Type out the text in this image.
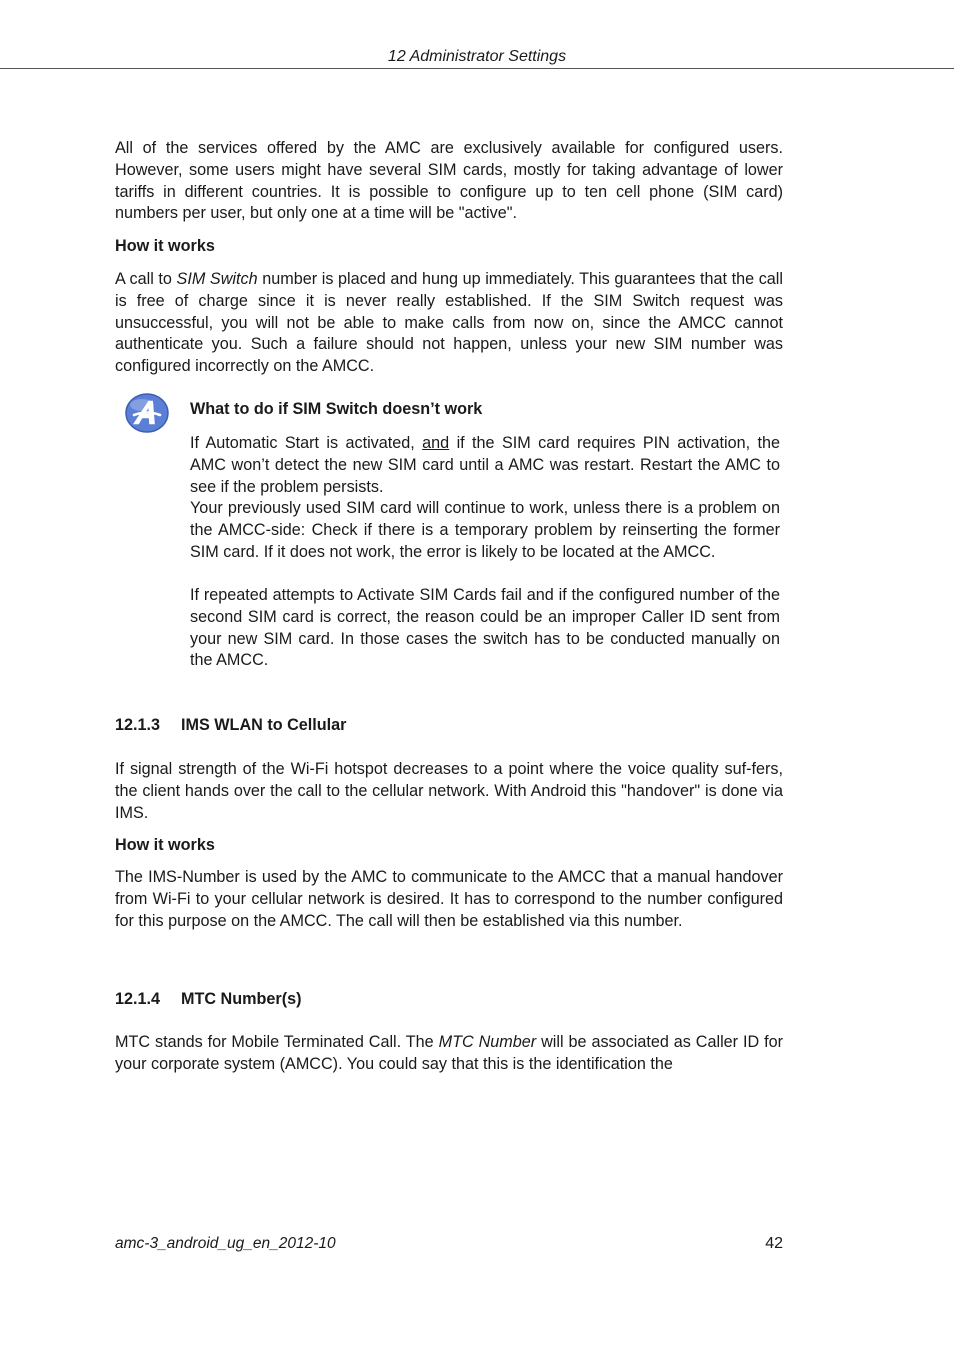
12 Administrator Settings

All of the services offered by the AMC are exclusively available for configured users. However, some users might have several SIM cards, mostly for taking advantage of lower tariffs in different countries. It is possible to configure up to ten cell phone (SIM card) numbers per user, but only one at a time will be "active".

How it works

A call to SIM Switch number is placed and hung up immediately. This guarantees that the call is free of charge since it is never really established. If the SIM Switch request was unsuccessful, you will not be able to make calls from now on, since the AMCC cannot authenticate you. Such a failure should not happen, unless your new SIM number was configured incorrectly on the AMCC.

What to do if SIM Switch doesn’t work

If Automatic Start is activated, and if the SIM card requires PIN activation, the AMC won’t detect the new SIM card until a AMC was restart. Restart the AMC to see if the problem persists.

Your previously used SIM card will continue to work, unless there is a problem on the AMCC-side: Check if there is a temporary problem by reinserting the former SIM card. If it does not work, the error is likely to be located at the AMCC.

If repeated attempts to Activate SIM Cards fail and if the configured number of the second SIM card is correct, the reason could be an improper Caller ID sent from your new SIM card. In those cases the switch has to be conducted manually on the AMCC.

12.1.3 IMS WLAN to Cellular

If signal strength of the Wi-Fi hotspot decreases to a point where the voice quality suf-fers, the client hands over the call to the cellular network. With Android this "handover" is done via IMS.

How it works

The IMS-Number is used by the AMC to communicate to the AMCC that a manual handover from Wi-Fi to your cellular network is desired. It has to correspond to the number configured for this purpose on the AMCC. The call will then be established via this number.

12.1.4 MTC Number(s)

MTC stands for Mobile Terminated Call. The MTC Number will be associated as Caller ID for your corporate system (AMCC). You could say that this is the identification the

amc-3_android_ug_en_2012-10	42
